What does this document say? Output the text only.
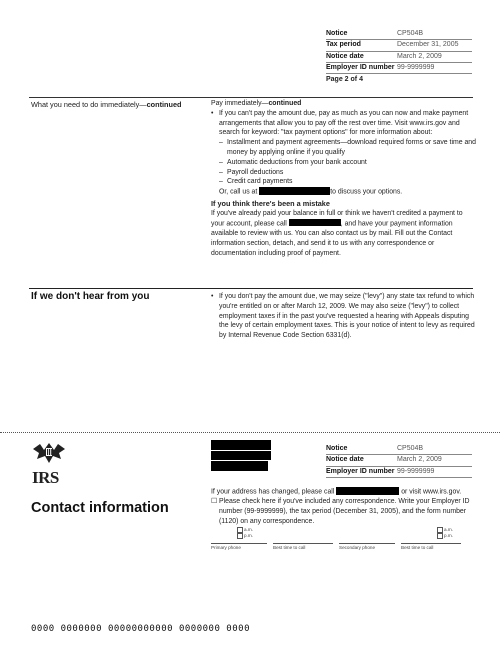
Notice	CP504B
Tax period	December 31, 2005
Notice date	March 2, 2009
Employer ID number 99-9999999
Page 2 of 4
What you need to do immediately—continued	Pay immediately—continued

• If you can't pay the amount due, pay as much as you can now and make payment arrangements that allow you to pay off the rest over time. Visit www.irs.gov and search for keyword: "tax payment options" for more information about:
– Installment and payment agreements—download required forms or save time and money by applying online if you qualify
– Automatic deductions from your bank account
– Payroll deductions
– Credit card payments
Or, call us at	to discuss your options.

If you think there's been a mistake

If you've already paid your balance in full or think we haven't credited a payment to your account, please call	, and have your payment information available to review with us. You can also contact us by mail. Fill out the Contact information section, detach, and send it to us with any correspondence or documentation including proof of payment.

If we don't hear from you	• If you don't pay the amount due, we may seize ("levy") any state tax refund to which you're entitled on or after March 12, 2009. We may also seize ("levy") to collect employment taxes if in the past you've requested a hearing with Appeals disputing the levy of certain employment taxes. This is your notice of intent to levy as required by Internal Revenue Code Section 6331(d).
IRS
Notice	CP504B
Notice date	March 2, 2009
Employer ID number 99-9999999
Contact information

If your address has changed, please call	or visit www.irs.gov.

☐ Please check here if you've included any correspondence. Write your Employer ID number (99-9999999), the tax period (December 31, 2005), and the form number (1120) on any correspondence.
a.m.
p.m.
a.m.
p.m.
Primary phone	Best time to call	Secondary phone	Best time to call
0000 0000000 00000000000 0000000 0000
